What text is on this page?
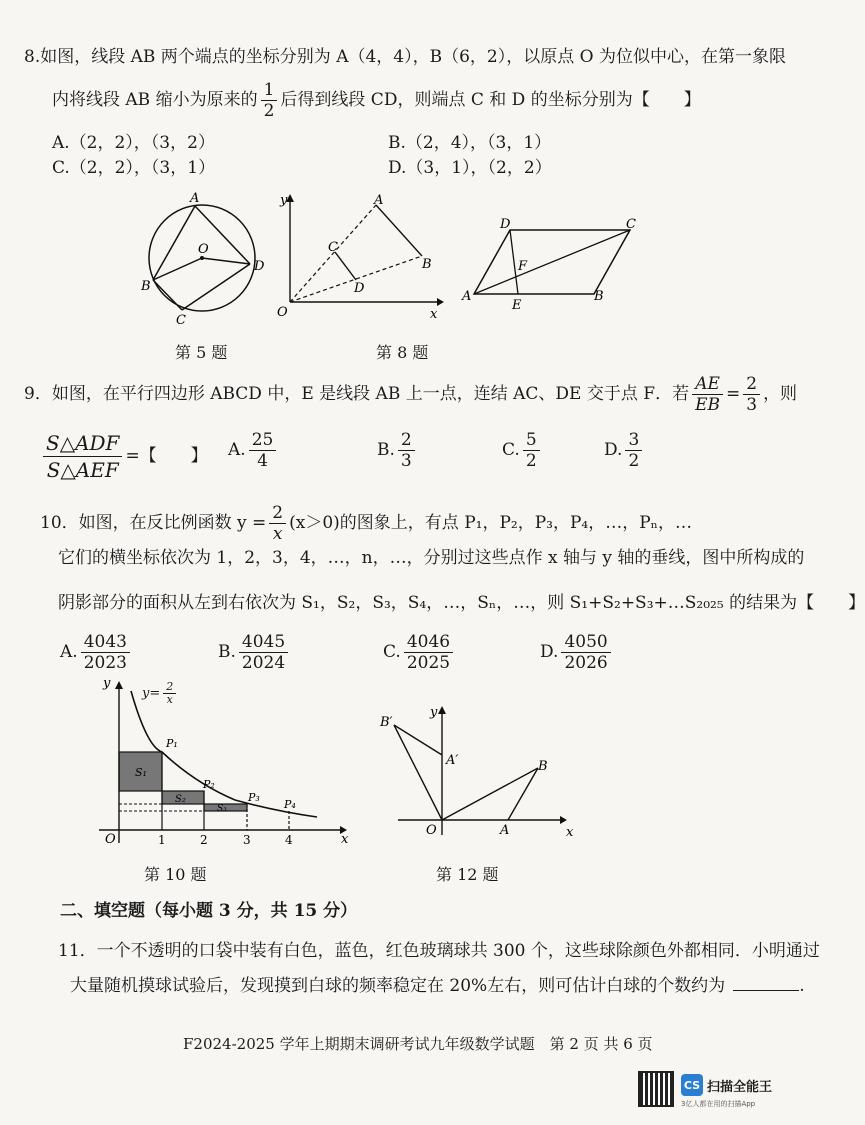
8.如图，线段 AB 两个端点的坐标分别为 A（4，4），B（6，2），以原点 O 为位似中心，在第一象限
内将线段 AB 缩小为原来的 $\frac{1}{2}$ 后得到线段 CD，则端点 C 和 D 的坐标分别为【　　】
A.（2，2），（3，2）	B.（2，4），（3，1）
C.（2，2），（3，1）	D.（3，1），（2，2）
A
O
D
B
C
第 5 题
A
B
C
D
O	x
y
第 8 题
A
D	C
B
E
F
9．如图，在平行四边形 ABCD 中，E 是线段 AB 上一点，连结 AC、DE 交于点 F．若 $\frac{AE}{EB} = \frac{2}{3}$ ，则
$\frac{\text{S△ADF}}{\text{S△AEF}}$ =【　　】 A. $\frac{25}{4}$	B. $\frac{2}{3}$	C. $\frac{5}{2}$	D. $\frac{3}{2}$
10．如图，在反比例函数 $y = \frac{2}{x} (x>0)$的图象上，有点 P₁，P₂，P₃，P₄，…，Pₙ，…
它们的横坐标依次为 1，2，3，4，…，n，…，分别过这些点作 x 轴与 y 轴的垂线，图中所构成的
阴影部分的面积从左到右依次为 S₁，S₂，S₃，S₄，…，Sₙ，…，则 S₁+S₂+S₃+…S₂₀₂₅ 的结果为【　　】
A. $\frac{4043}{2023}$	B. $\frac{4045}{2024}$	C. $\frac{4046}{2025}$	D. $\frac{4050}{2026}$
y
x
O	1	2	3	4
P₁
P₂
P₃
P₄
S₁
S₂
S₃
$y= \frac{2}{x}$
第 10 题
B′
A′	B
A
O	x
y
第 12 题
二、填空题（每小题 3 分，共 15 分）
11．一个不透明的口袋中装有白色，蓝色，红色玻璃球共 300 个，这些球除颜色外都相同．小明通过
大量随机摸球试验后，发现摸到白球的频率稳定在 20%左右，则可估计白球的个数约为	.
F2024-2025 学年上期期末调研考试九年级数学试题　第 2 页 共 6 页
CS 扫描全能王
3亿人都在用的扫描App
